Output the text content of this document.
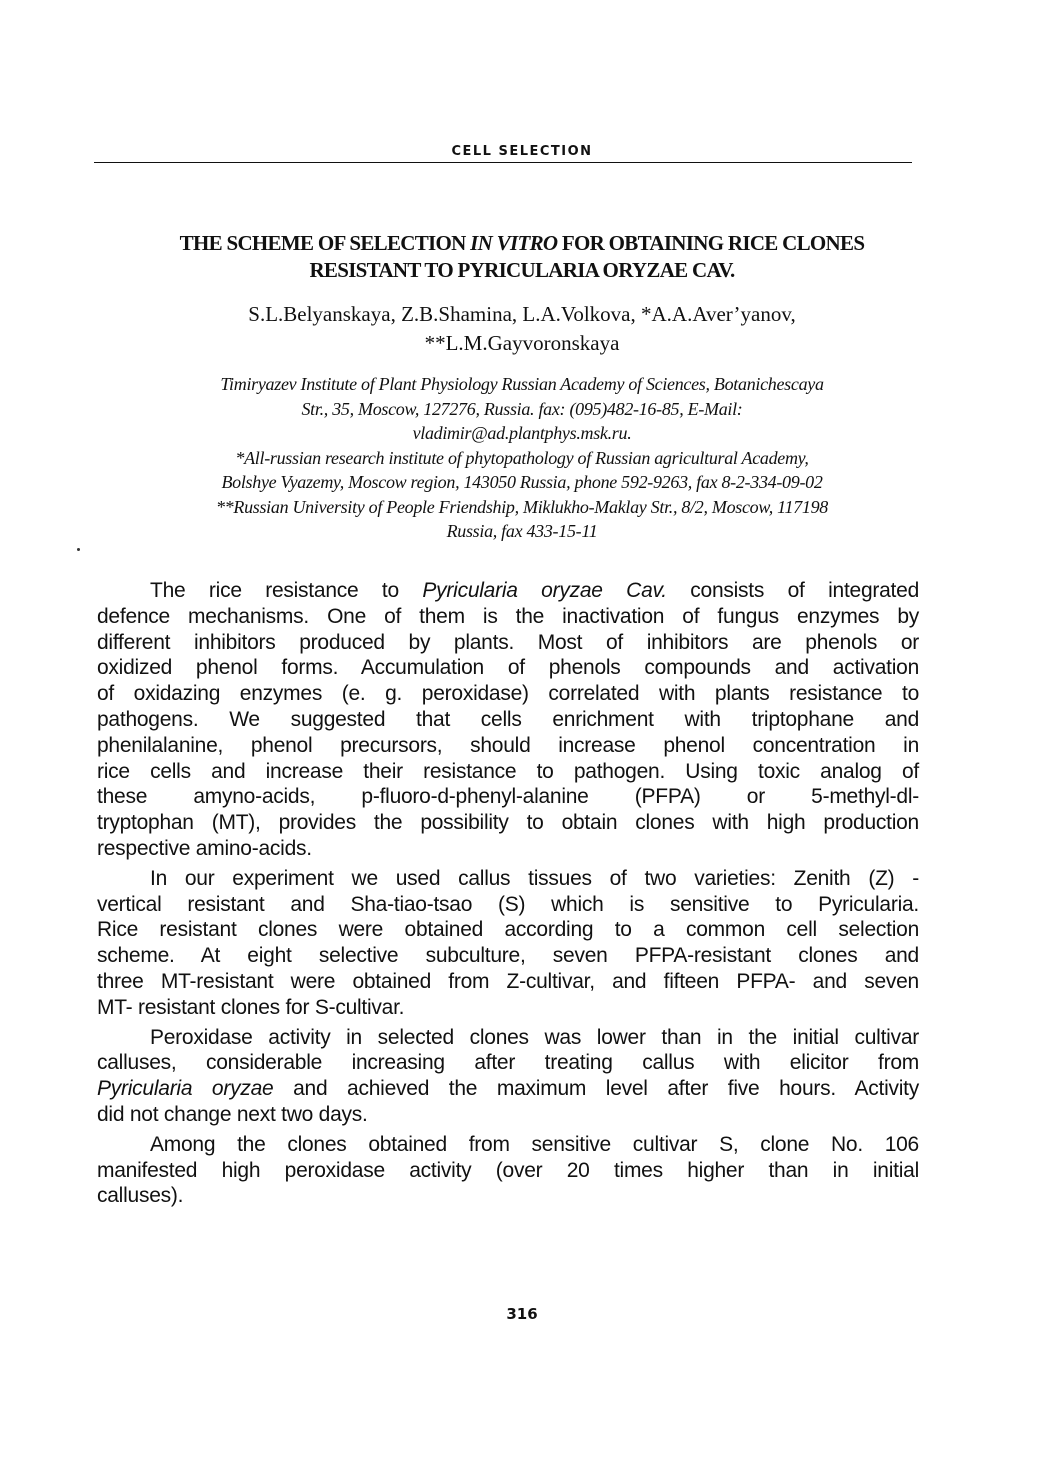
CELL SELECTION
THE SCHEME OF SELECTION IN VITRO FOR OBTAINING RICE CLONES
RESISTANT TO PYRICULARIA ORYZAE CAV.
S.L.Belyanskaya, Z.B.Shamina, L.A.Volkova, *A.A.Aver’yanov,
**L.M.Gayvoronskaya
Timiryazev Institute of Plant Physiology Russian Academy of Sciences, Botanichescaya
Str., 35, Moscow, 127276, Russia. fax: (095)482-16-85, E-Mail:
vladimir@ad.plantphys.msk.ru.
*All-russian research institute of phytopathology of Russian agricultural Academy,
Bolshye Vyazemy, Moscow region, 143050 Russia, phone 592-9263, fax 8-2-334-09-02
**Russian University of People Friendship, Miklukho-Maklay Str., 8/2, Moscow, 117198
Russia, fax 433-15-11
The rice resistance to Pyricularia oryzae Cav. consists of integrated
defence mechanisms. One of them is the inactivation of fungus enzymes by
different inhibitors produced by plants. Most of inhibitors are phenols or
oxidized phenol forms. Accumulation of phenols compounds and activation
of oxidazing enzymes (e. g. peroxidase) correlated with plants resistance to
pathogens. We suggested that cells enrichment with triptophane and
phenilalanine, phenol precursors, should increase phenol concentration in
rice cells and increase their resistance to pathogen. Using toxic analog of
these amyno-acids, p-fluoro-d-phenyl-alanine (PFPA) or 5-methyl-dl-
tryptophan (MT), provides the possibility to obtain clones with high production
respective amino-acids.
In our experiment we used callus tissues of two varieties: Zenith (Z) -
vertical resistant and Sha-tiao-tsao (S) which is sensitive to Pyricularia.
Rice resistant clones were obtained according to a common cell selection
scheme. At eight selective subculture, seven PFPA-resistant clones and
three MT-resistant were obtained from Z-cultivar, and fifteen PFPA- and seven
MT- resistant clones for S-cultivar.
Peroxidase activity in selected clones was lower than in the initial cultivar
calluses, considerable increasing after treating callus with elicitor from
Pyricularia oryzae and achieved the maximum level after five hours. Activity
did not change next two days.
Among the clones obtained from sensitive cultivar S, clone No. 106
manifested high peroxidase activity (over 20 times higher than in initial
calluses).
316
